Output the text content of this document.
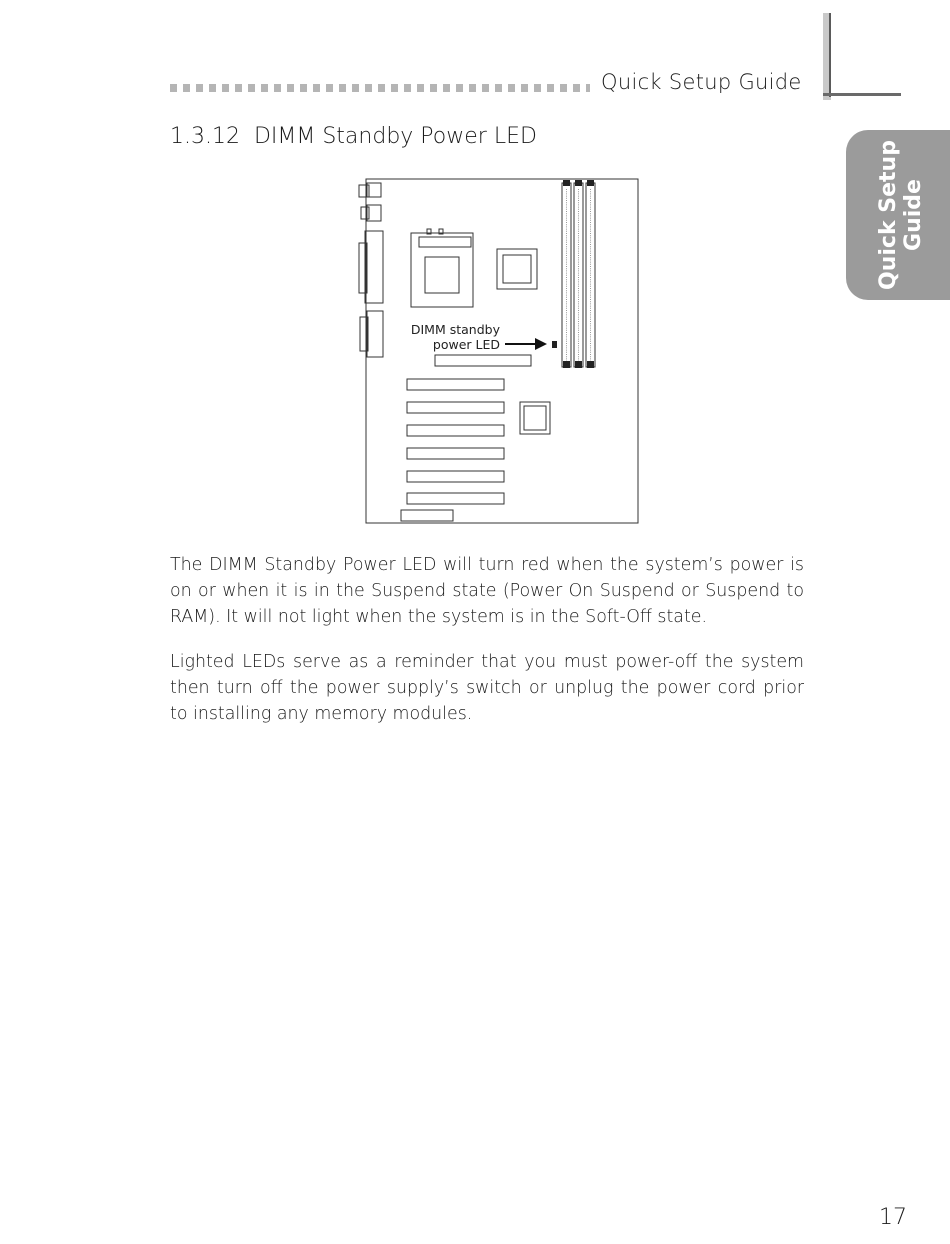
Quick Setup Guide
Quick Setup Guide
1.3.12  DIMM Standby Power LED
DIMM standby
power LED

The DIMM Standby Power LED will turn red when the system’s power is on or when it is in the Suspend state (Power On Suspend or Suspend to RAM). It will not light when the system is in the Soft-Off state.

Lighted LEDs serve as a reminder that you must power-off the system then turn off the power supply’s switch or unplug the power cord prior to installing any memory modules.

17
